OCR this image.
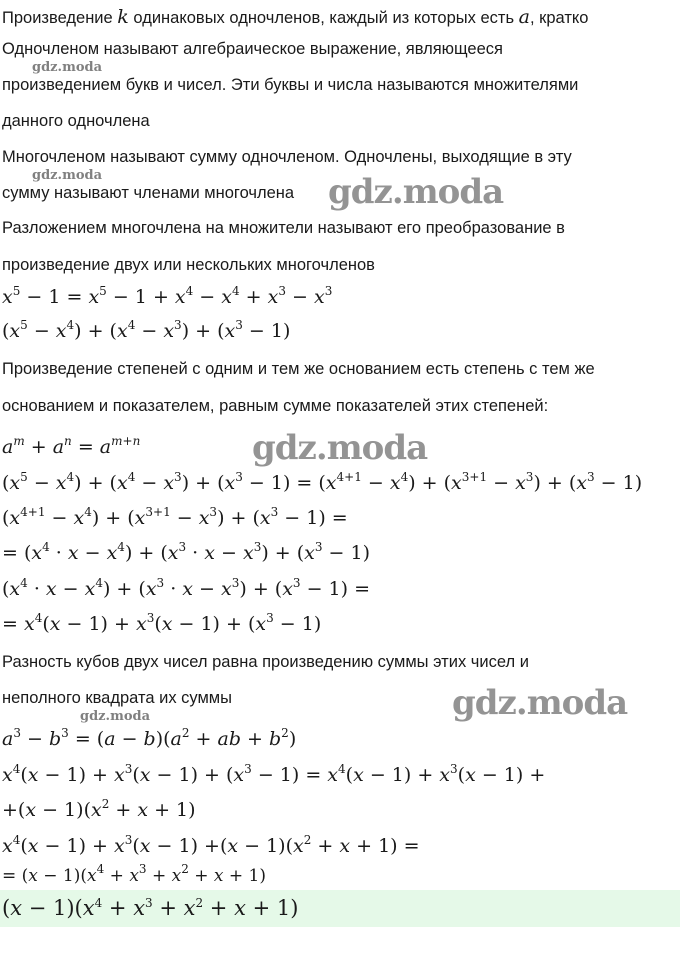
Произведение k одинаковых одночленов, каждый из которых есть a, кратко
Одночленом называют алгебраическое выражение, являющееся
произведением букв и чисел. Эти буквы и числа называются множителями
данного одночлена
Многочленом называют сумму одночленом. Одночлены, выходящие в эту
сумму называют членами многочлена
Разложением многочлена на множители называют его преобразование в
произведение двух или нескольких многочленов
$x^5 - 1 = x^5 - 1 + x^4 - x^4 + x^3 - x^3$
$(x^5 - x^4) + (x^4 - x^3) + (x^3 - 1)$
Произведение степеней с одним и тем же основанием есть степень с тем же
основанием и показателем, равным сумме показателей этих степеней:
$a^m + a^n = a^{m+n}$
$(x^5 - x^4) + (x^4 - x^3) + (x^3 - 1) = (x^{4+1} - x^4) + (x^{3+1} - x^3) + (x^3 - 1)$
$(x^{4+1} - x^4) + (x^{3+1} - x^3) + (x^3 - 1)$ =
= $(x^4 \cdot x - x^4) + (x^3 \cdot x - x^3) + (x^3 - 1)$
$(x^4 \cdot x - x^4) + (x^3 \cdot x - x^3) + (x^3 - 1)$ =
= $x^4(x - 1) + x^3(x - 1) + (x^3 - 1)$
Разность кубов двух чисел равна произведению суммы этих чисел и
неполного квадрата их суммы
$a^3 - b^3 = (a - b)(a^2$ + ab + $b^2$)
$x^4(x - 1) + x^3(x - 1) + (x^3 - 1) = x^4(x - 1) + x^3(x - 1)$ +
$+(x - 1)(x^2 + x + 1)$
$x^4(x - 1) + x^3(x - 1) +(x - 1)(x^2 + x + 1)$ =
= $(x - 1)(x^4 + x^3 + x^2 + x + 1)$
$(x - 1)(x^4 + x^3 + x^2 + x + 1)$
gdz.moda
gdz.moda	gdz.moda
gdz.moda
gdz.moda
gdz.moda
